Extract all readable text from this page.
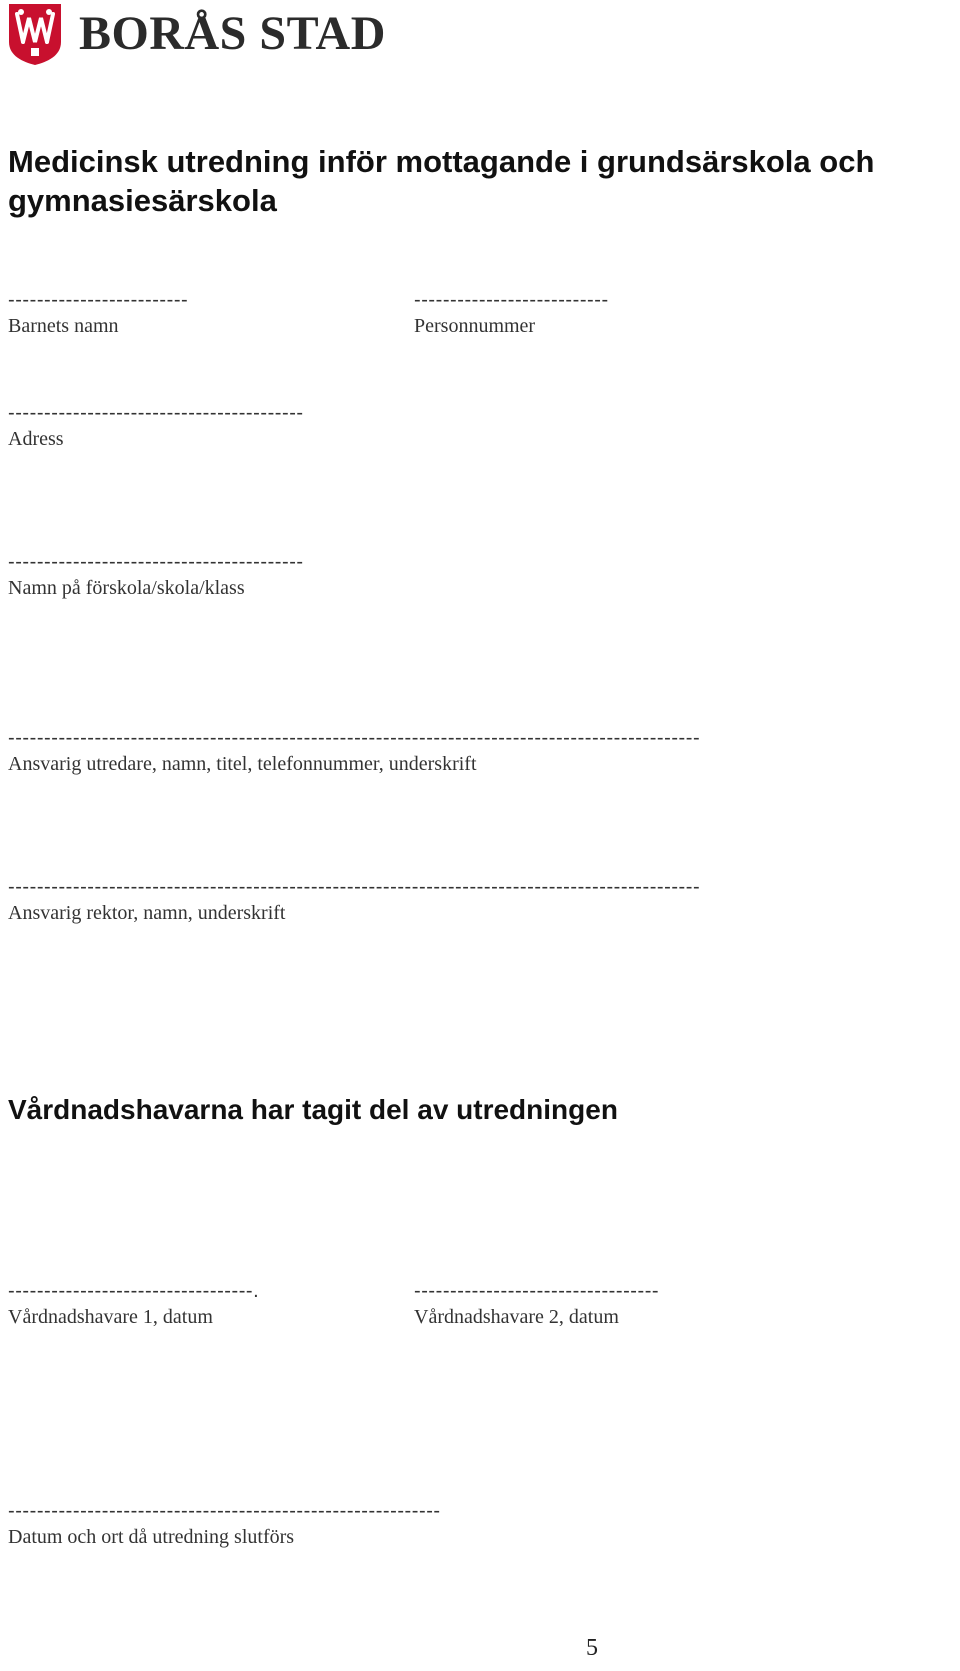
BORÅS STAD
Medicinsk utredning inför mottagande i grundsärskola och gymnasiesärskola
-------------------------
Barnets namn
---------------------------
Personnummer
-----------------------------------------
Adress
-----------------------------------------
Namn på förskola/skola/klass
------------------------------------------------------------------------------------------------
Ansvarig utredare, namn, titel, telefonnummer, underskrift
------------------------------------------------------------------------------------------------
Ansvarig rektor, namn, underskrift
Vårdnadshavarna har tagit del av utredningen
----------------------------------.
Vårdnadshavare 1, datum
----------------------------------
Vårdnadshavare 2, datum
------------------------------------------------------------
Datum och ort då utredning slutförs
5
